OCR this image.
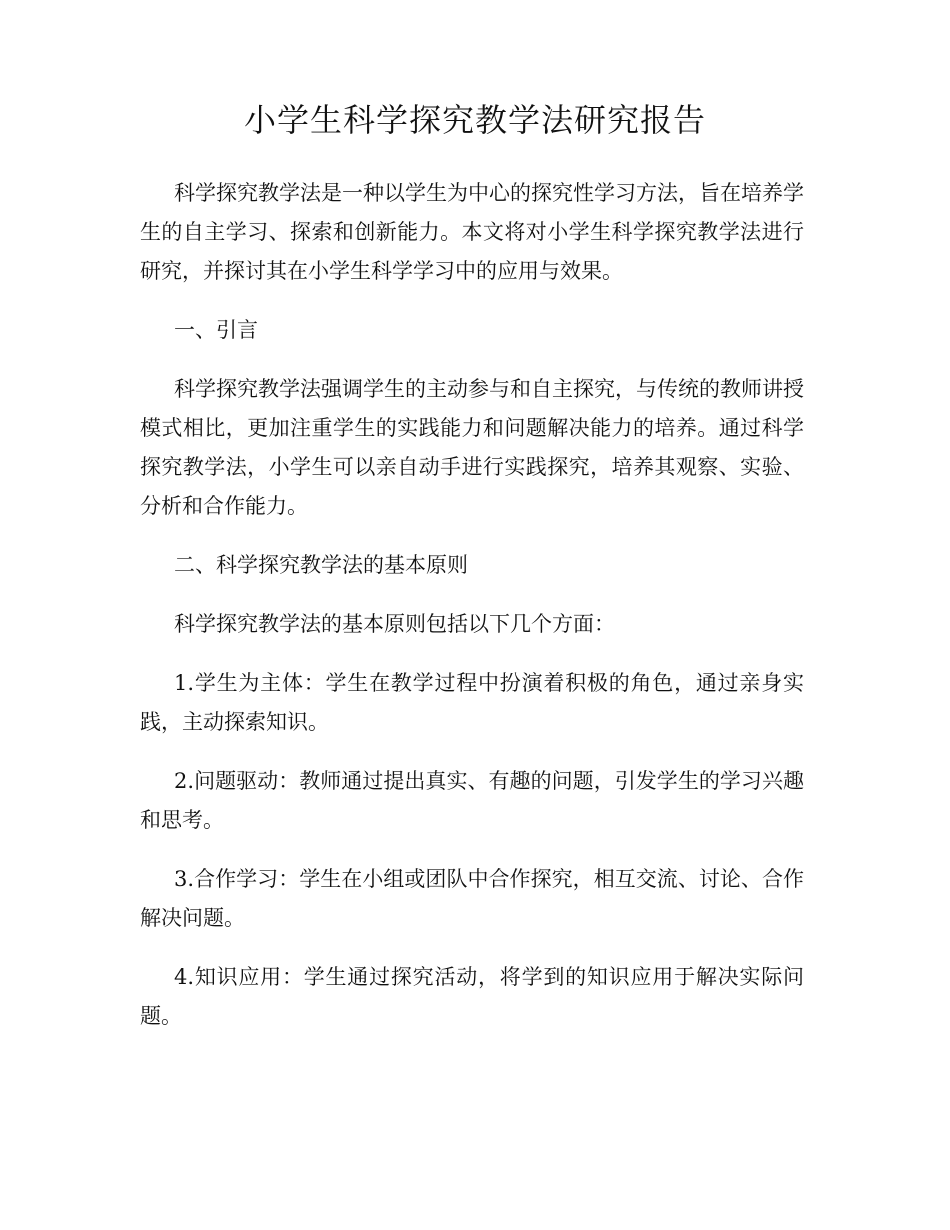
小学生科学探究教学法研究报告

科学探究教学法是一种以学生为中心的探究性学习方法，旨在培养学生的自主学习、探索和创新能力。本文将对小学生科学探究教学法进行研究，并探讨其在小学生科学学习中的应用与效果。

一、引言

科学探究教学法强调学生的主动参与和自主探究，与传统的教师讲授模式相比，更加注重学生的实践能力和问题解决能力的培养。通过科学探究教学法，小学生可以亲自动手进行实践探究，培养其观察、实验、分析和合作能力。

二、科学探究教学法的基本原则

科学探究教学法的基本原则包括以下几个方面：

1.学生为主体：学生在教学过程中扮演着积极的角色，通过亲身实践，主动探索知识。

2.问题驱动：教师通过提出真实、有趣的问题，引发学生的学习兴趣和思考。

3.合作学习：学生在小组或团队中合作探究，相互交流、讨论、合作解决问题。

4.知识应用：学生通过探究活动，将学到的知识应用于解决实际问题。
